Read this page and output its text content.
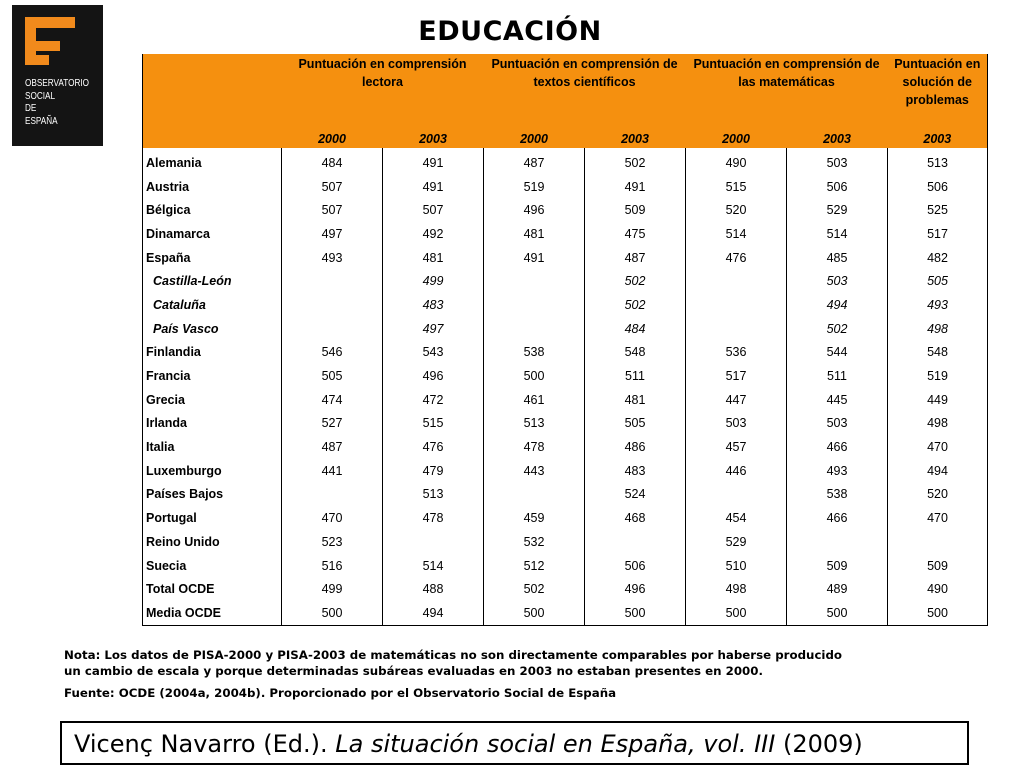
OBSERVATORIO
SOCIAL
DE
ESPAÑA
EDUCACIÓN
	Puntuación en comprensión lectora		Puntuación en comprensión de textos científicos		Puntuación en comprensión de las matemáticas		Puntuación en solución de problemas
	2000	2003	2000	2003	2000	2003	2003
Alemania	484	491	487	502	490	503	513
Austria	507	491	519	491	515	506	506
Bélgica	507	507	496	509	520	529	525
Dinamarca	497	492	481	475	514	514	517
España	493	481	491	487	476	485	482
Castilla-León		499		502		503	505
Cataluña		483		502		494	493
País Vasco		497		484		502	498
Finlandia	546	543	538	548	536	544	548
Francia	505	496	500	511	517	511	519
Grecia	474	472	461	481	447	445	449
Irlanda	527	515	513	505	503	503	498
Italia	487	476	478	486	457	466	470
Luxemburgo	441	479	443	483	446	493	494
Países Bajos		513		524		538	520
Portugal	470	478	459	468	454	466	470
Reino Unido	523		532		529		
Suecia	516	514	512	506	510	509	509
Total OCDE	499	488	502	496	498	489	490
Media OCDE	500	494	500	500	500	500	500
Nota: Los datos de PISA-2000 y PISA-2003 de matemáticas no son directamente comparables por haberse producido
un cambio de escala y porque determinadas subáreas evaluadas en 2003 no estaban presentes en 2000.
Fuente: OCDE (2004a, 2004b). Proporcionado por el Observatorio Social de España
Vicenç Navarro (Ed.). La situación social en España, vol. III (2009)
